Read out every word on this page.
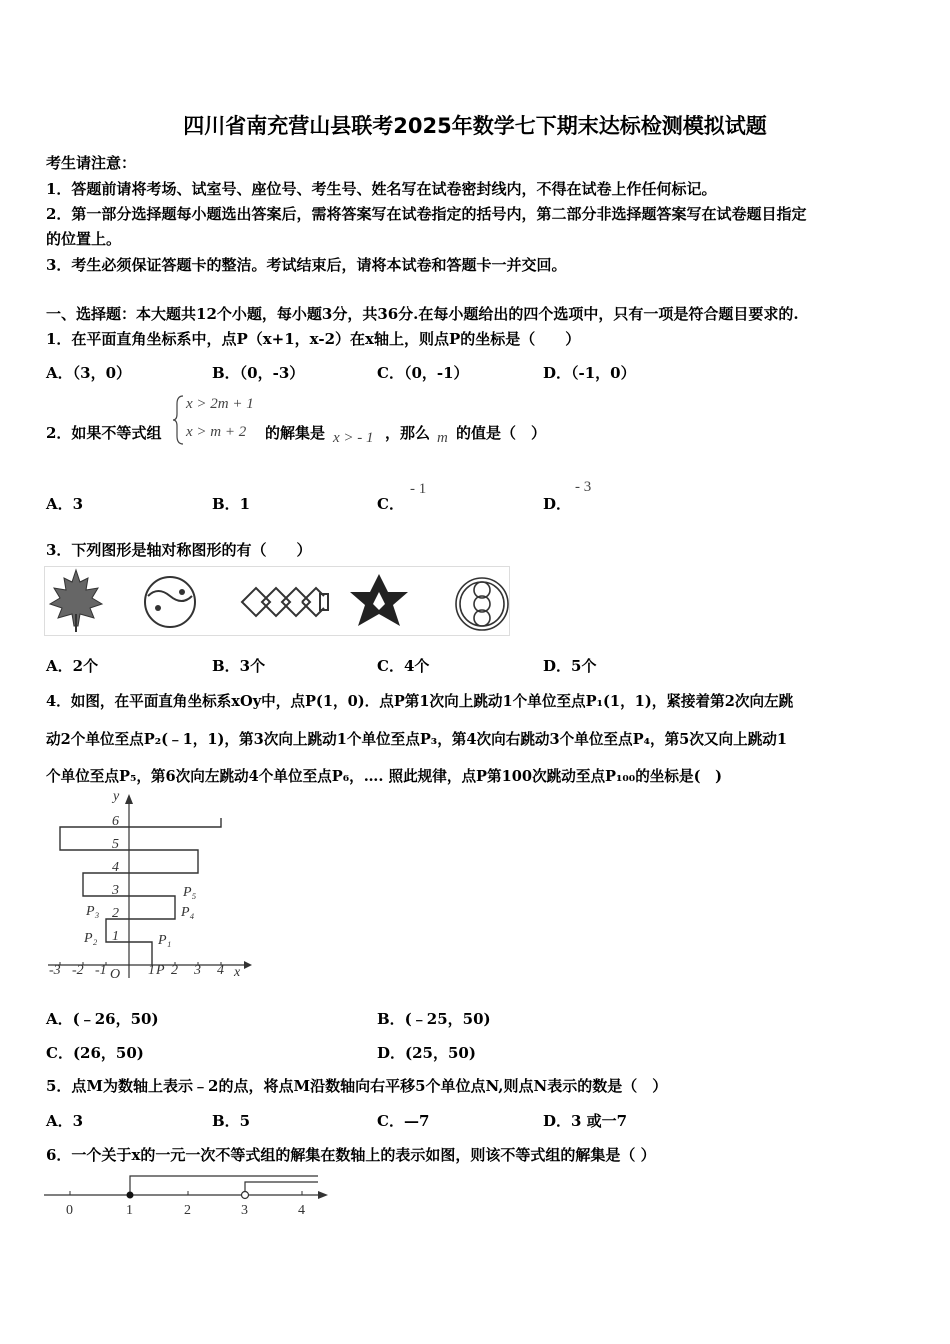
四川省南充营山县联考2025年数学七下期末达标检测模拟试题
考生请注意：
1．答题前请将考场、试室号、座位号、考生号、姓名写在试卷密封线内，不得在试卷上作任何标记。
2．第一部分选择题每小题选出答案后，需将答案写在试卷指定的括号内，第二部分非选择题答案写在试卷题目指定
的位置上。
3．考生必须保证答题卡的整洁。考试结束后，请将本试卷和答题卡一并交回。
一、选择题：本大题共12个小题，每小题3分，共36分.在每小题给出的四个选项中，只有一项是符合题目要求的.
1．在平面直角坐标系中，点P（x+1，x-2）在x轴上，则点P的坐标是（　　）
A．（3，0）	B．（0，-3）	C．（0，-1）	D．（-1，0）
2．如果不等式组
x > 2m + 1
x > m + 2 的解集是 x > - 1 ，那么 m 的值是（　）
A．3	B．1	C．
- 1
D．
- 3
3．下列图形是轴对称图形的有（　　）
A．2个	B．3个	C．4个	D．5个
4．如图，在平面直角坐标系xOy中，点P(1，0)．点P第1次向上跳动1个单位至点P₁(1，1)，紧接着第2次向左跳
动2个单位至点P₂(﹣1，1)，第3次向上跳动1个单位至点P₃，第4次向右跳动3个单位至点P₄，第5次又向上跳动1
个单位至点P₅，第6次向左跳动4个单位至点P₆，…. 照此规律，点P第100次跳动至点P₁₀₀的坐标是(　)
-3 -2 -1	1 2 3 4 x
O
y
1
2
3
4
5
6
P
P₁
P₂
P₃	P₄
P₅
A．(﹣26，50)	B．(﹣25，50)
C．(26，50)	D．(25，50)
5．点M为数轴上表示﹣2的点，将点M沿数轴向右平移5个单位点N,则点N表示的数是（　）
A．3	B．5	C．—7	D．3 或一7
6．一个关于x的一元一次不等式组的解集在数轴上的表示如图，则该不等式组的解集是（ ）
0	1	2	3	4
